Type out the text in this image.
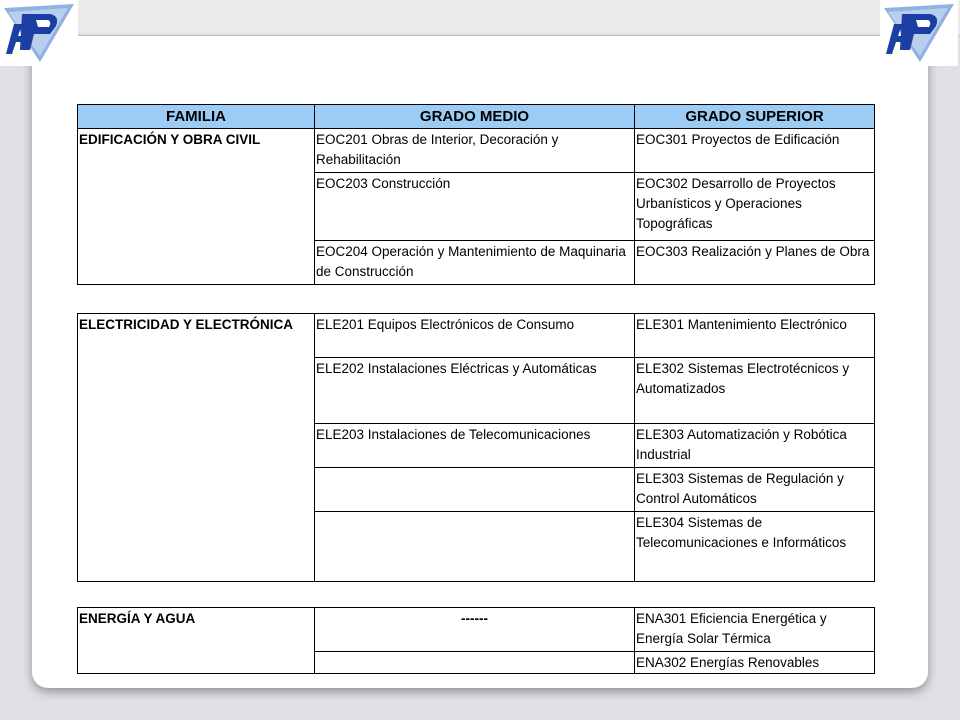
FAMILIA	GRADO MEDIO	GRADO SUPERIOR
EDIFICACIÓN Y OBRA CIVIL	EOC201 Obras de Interior, Decoración y Rehabilitación	EOC301 Proyectos de Edificación
	EOC203 Construcción	EOC302 Desarrollo de Proyectos Urbanísticos y Operaciones Topográficas
	EOC204 Operación y Mantenimiento de Maquinaria de Construcción	EOC303 Realización y Planes de Obra
ELECTRICIDAD Y ELECTRÓNICA	ELE201 Equipos Electrónicos de Consumo	ELE301 Mantenimiento Electrónico
	ELE202 Instalaciones Eléctricas y Automáticas	ELE302 Sistemas Electrotécnicos y Automatizados
	ELE203 Instalaciones de Telecomunicaciones	ELE303 Automatización y Robótica Industrial
		ELE303 Sistemas de Regulación y Control Automáticos
		ELE304 Sistemas de Telecomunicaciones e Informáticos
ENERGÍA Y AGUA	------	ENA301 Eficiencia Energética y Energía Solar Térmica
		ENA302 Energías Renovables
